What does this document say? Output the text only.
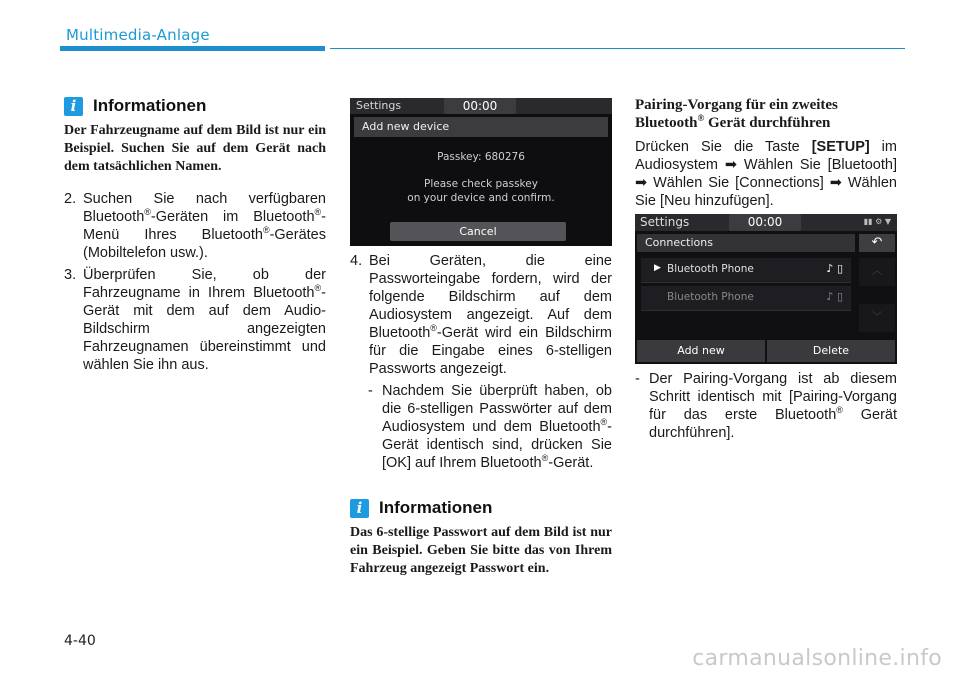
Multimedia-Anlage
i Informationen
Der Fahrzeugname auf dem Bild ist nur ein Beispiel. Suchen Sie auf dem Gerät nach dem tatsächlichen Namen.
2. Suchen Sie nach verfügbaren Bluetooth®-Geräten im Bluetooth®-Menü Ihres Bluetooth®-Gerätes (Mobiltelefon usw.).
3. Überprüfen Sie, ob der Fahrzeugname in Ihrem Bluetooth®-Gerät mit dem auf dem Audio-Bildschirm angezeigten Fahrzeugnamen übereinstimmt und wählen Sie ihn aus.
Settings	00:00
Add new device
Passkey: 680276
Please check passkey
on your device and confirm.
Cancel
4. Bei Geräten, die eine Passworteingabe fordern, wird der folgende Bildschirm auf dem Audiosystem angezeigt. Auf dem Bluetooth®-Gerät wird ein Bildschirm für die Eingabe eines 6-stelligen Passworts angezeigt.
- Nachdem Sie überprüft haben, ob die 6-stelligen Passwörter auf dem Audiosystem und dem Bluetooth®-Gerät identisch sind, drücken Sie [OK] auf Ihrem Bluetooth®-Gerät.
i Informationen
Das 6-stellige Passwort auf dem Bild ist nur ein Beispiel. Geben Sie bitte das von Ihrem Fahrzeug angezeigt Passwort ein.
Pairing-Vorgang für ein zweites Bluetooth® Gerät durchführen
Drücken Sie die Taste [SETUP] im Audiosystem ➡ Wählen Sie [Bluetooth] ➡ Wählen Sie [Connections] ➡ Wählen Sie [Neu hinzufügen].
Settings	00:00	▮▮ ⚙ ▼
Connections	↶
▶ Bluetooth Phone	♪ ▯
Bluetooth Phone	♪ ▯
︿
﹀
Add new	Delete
- Der Pairing-Vorgang ist ab diesem Schritt identisch mit [Pairing-Vorgang für das erste Bluetooth® Gerät durchführen].
4-40
carmanualsonline.info
